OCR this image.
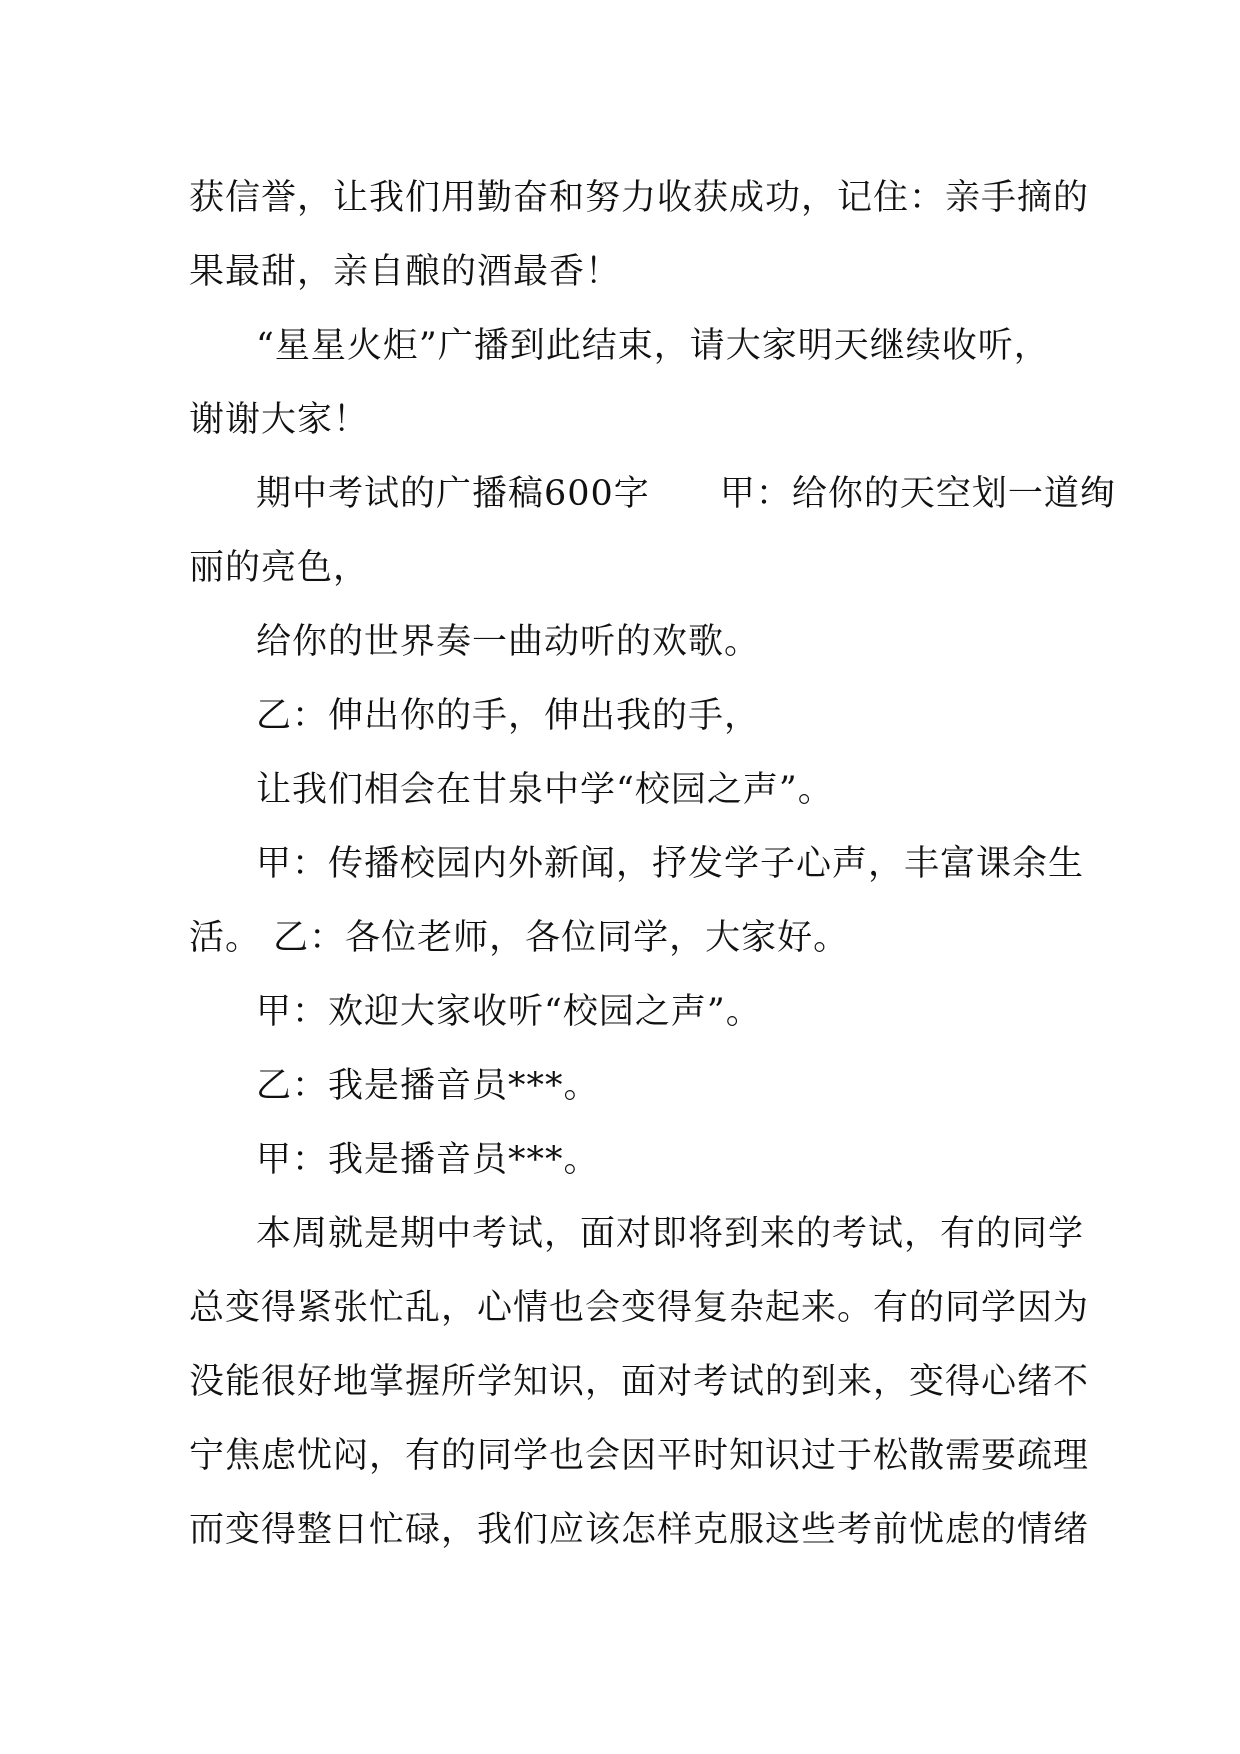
获信誉，让我们用勤奋和努力收获成功，记住：亲手摘的
果最甜，亲自酿的酒最香！
“星星火炬”广播到此结束，请大家明天继续收听，
谢谢大家！
期中考试的广播稿600字 甲：给你的天空划一道绚
丽的亮色，
给你的世界奏一曲动听的欢歌。
乙：伸出你的手，伸出我的手，
让我们相会在甘泉中学“校园之声”。
甲：传播校园内外新闻，抒发学子心声，丰富课余生
活。 乙：各位老师，各位同学，大家好。
甲：欢迎大家收听“校园之声”。
乙：我是播音员***。
甲：我是播音员***。
本周就是期中考试，面对即将到来的考试，有的同学
总变得紧张忙乱，心情也会变得复杂起来。有的同学因为
没能很好地掌握所学知识，面对考试的到来，变得心绪不
宁焦虑忧闷，有的同学也会因平时知识过于松散需要疏理
而变得整日忙碌，我们应该怎样克服这些考前忧虑的情绪
